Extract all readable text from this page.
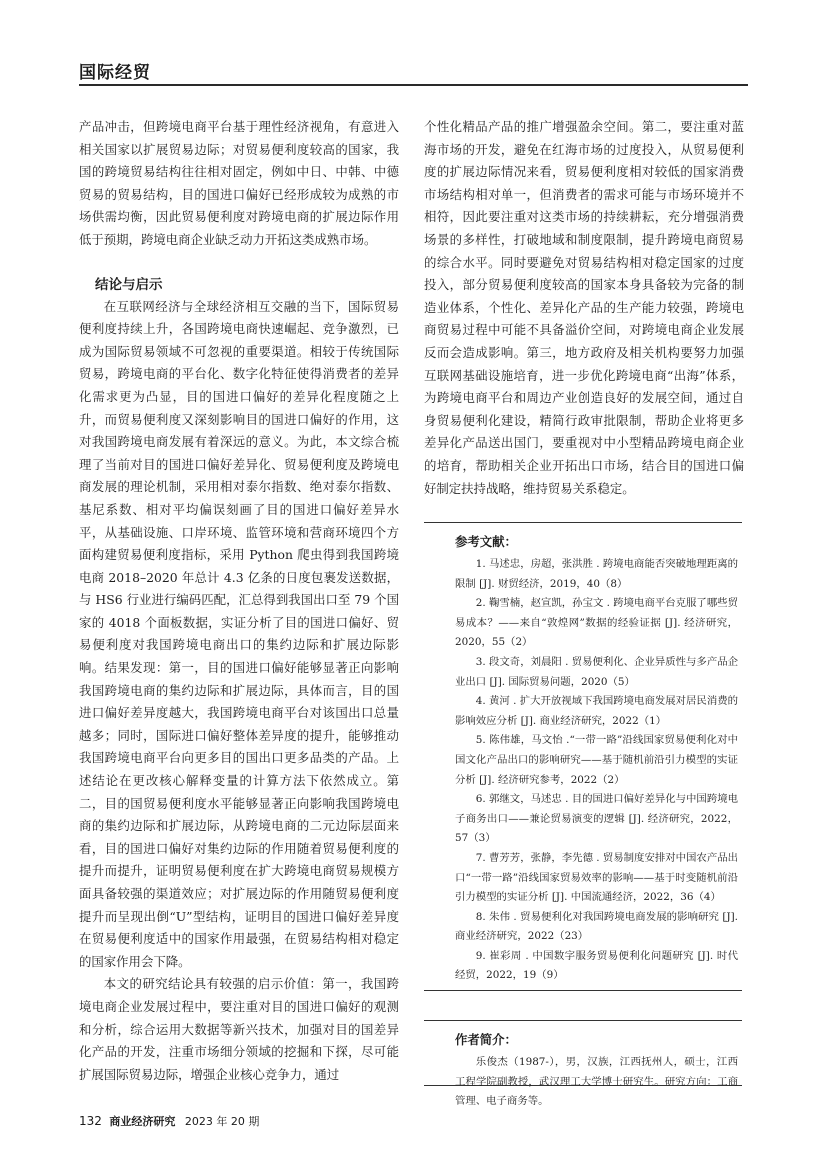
国际经贸

产品冲击，但跨境电商平台基于理性经济视角，有意进入相关国家以扩展贸易边际；对贸易便利度较高的国家，我国的跨境贸易结构往往相对固定，例如中日、中韩、中德贸易的贸易结构，目的国进口偏好已经形成较为成熟的市场供需均衡，因此贸易便利度对跨境电商的扩展边际作用低于预期，跨境电商企业缺乏动力开拓这类成熟市场。

结论与启示

在互联网经济与全球经济相互交融的当下，国际贸易便利度持续上升，各国跨境电商快速崛起、竞争激烈，已成为国际贸易领域不可忽视的重要渠道。相较于传统国际贸易，跨境电商的平台化、数字化特征使得消费者的差异化需求更为凸显，目的国进口偏好的差异化程度随之上升，而贸易便利度又深刻影响目的国进口偏好的作用，这对我国跨境电商发展有着深远的意义。为此，本文综合梳理了当前对目的国进口偏好差异化、贸易便利度及跨境电商发展的理论机制，采用相对泰尔指数、绝对泰尔指数、基尼系数、相对平均偏误刻画了目的国进口偏好差异水平，从基础设施、口岸环境、监管环境和营商环境四个方面构建贸易便利度指标，采用 Python 爬虫得到我国跨境电商 2018–2020 年总计 4.3 亿条的日度包裹发送数据，与 HS6 行业进行编码匹配，汇总得到我国出口至 79 个国家的 4018 个面板数据，实证分析了目的国进口偏好、贸易便利度对我国跨境电商出口的集约边际和扩展边际影响。结果发现：第一，目的国进口偏好能够显著正向影响我国跨境电商的集约边际和扩展边际，具体而言，目的国进口偏好差异度越大，我国跨境电商平台对该国出口总量越多；同时，国际进口偏好整体差异度的提升，能够推动我国跨境电商平台向更多目的国出口更多品类的产品。上述结论在更改核心解释变量的计算方法下依然成立。第二，目的国贸易便利度水平能够显著正向影响我国跨境电商的集约边际和扩展边际，从跨境电商的二元边际层面来看，目的国进口偏好对集约边际的作用随着贸易便利度的提升而提升，证明贸易便利度在扩大跨境电商贸易规模方面具备较强的渠道效应；对扩展边际的作用随贸易便利度提升而呈现出倒“U”型结构，证明目的国进口偏好差异度在贸易便利度适中的国家作用最强，在贸易结构相对稳定的国家作用会下降。

本文的研究结论具有较强的启示价值：第一，我国跨境电商企业发展过程中，要注重对目的国进口偏好的观测和分析，综合运用大数据等新兴技术，加强对目的国差异化产品的开发，注重市场细分领域的挖掘和下探，尽可能扩展国际贸易边际，增强企业核心竞争力，通过

个性化精品产品的推广增强盈余空间。第二，要注重对蓝海市场的开发，避免在红海市场的过度投入，从贸易便利度的扩展边际情况来看，贸易便利度相对较低的国家消费市场结构相对单一，但消费者的需求可能与市场环境并不相符，因此要注重对这类市场的持续耕耘，充分增强消费场景的多样性，打破地域和制度限制，提升跨境电商贸易的综合水平。同时要避免对贸易结构相对稳定国家的过度投入，部分贸易便利度较高的国家本身具备较为完备的制造业体系，个性化、差异化产品的生产能力较强，跨境电商贸易过程中可能不具备溢价空间，对跨境电商企业发展反而会造成影响。第三，地方政府及相关机构要努力加强互联网基础设施培育，进一步优化跨境电商“出海”体系，为跨境电商平台和周边产业创造良好的发展空间，通过自身贸易便利化建设，精简行政审批限制，帮助企业将更多差异化产品送出国门，要重视对中小型精品跨境电商企业的培育，帮助相关企业开拓出口市场，结合目的国进口偏好制定扶持战略，维持贸易关系稳定。

参考文献：

1. 马述忠，房超，张洪胜 . 跨境电商能否突破地理距离的限制 [J]. 财贸经济，2019，40（8）

2. 鞠雪楠，赵宣凯，孙宝文 . 跨境电商平台克服了哪些贸易成本？——来自“敦煌网”数据的经验证据 [J]. 经济研究，2020，55（2）

3. 段文奇，刘晨阳 . 贸易便利化、企业异质性与多产品企业出口 [J]. 国际贸易问题，2020（5）

4. 黄河 . 扩大开放视域下我国跨境电商发展对居民消费的影响效应分析 [J]. 商业经济研究，2022（1）

5. 陈伟雄，马文怡 .“一带一路”沿线国家贸易便利化对中国文化产品出口的影响研究——基于随机前沿引力模型的实证分析 [J]. 经济研究参考，2022（2）

6. 郭继文，马述忠 . 目的国进口偏好差异化与中国跨境电子商务出口——兼论贸易演变的逻辑 [J]. 经济研究，2022，57（3）

7. 曹芳芳，张静，李先德 . 贸易制度安排对中国农产品出口“一带一路”沿线国家贸易效率的影响——基于时变随机前沿引力模型的实证分析 [J]. 中国流通经济，2022，36（4）

8. 朱伟 . 贸易便利化对我国跨境电商发展的影响研究 [J]. 商业经济研究，2022（23）

9. 崔彩周 . 中国数字服务贸易便利化问题研究 [J]. 时代经贸，2022，19（9）

作者简介：

乐俊杰（1987-），男，汉族，江西抚州人，硕士，江西工程学院副教授，武汉理工大学博士研究生。研究方向：工商管理、电子商务等。

132 商业经济研究 2023 年 20 期
